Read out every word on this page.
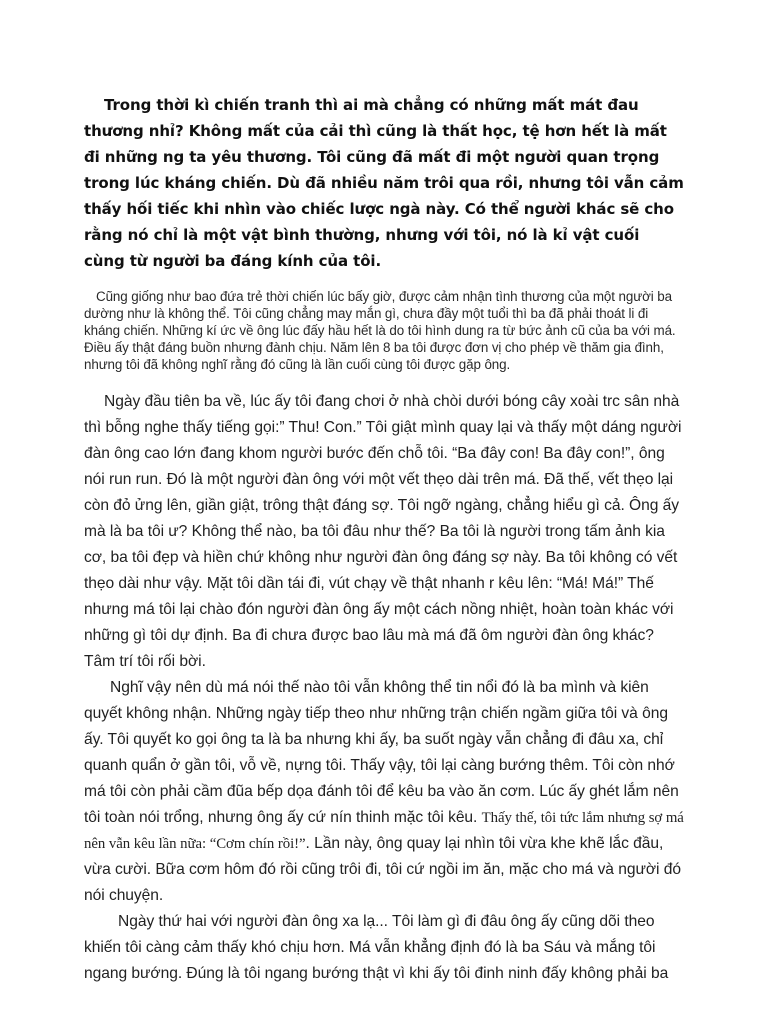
Trong thời kì chiến tranh thì ai mà chẳng có những mất mát đau thương nhỉ? Không mất của cải thì cũng là thất học, tệ hơn hết là mất đi những ng ta yêu thương. Tôi cũng đã mất đi một người quan trọng trong lúc kháng chiến. Dù đã nhiều năm trôi qua rồi, nhưng tôi vẫn cảm thấy hối tiếc khi nhìn vào chiếc lược ngà này. Có thể người khác sẽ cho rằng nó chỉ là một vật bình thường, nhưng với tôi, nó là kỉ vật cuối cùng từ người ba đáng kính của tôi.

Cũng giống như bao đứa trẻ thời chiến lúc bấy giờ, được cảm nhận tình thương của một người ba dường như là không thể. Tôi cũng chẳng may mắn gì, chưa đầy một tuổi thì ba đã phải thoát li đi kháng chiến. Những kí ức về ông lúc đấy hầu hết là do tôi hình dung ra từ bức ảnh cũ của ba với má. Điều ấy thật đáng buồn nhưng đành chịu. Năm lên 8 ba tôi được đơn vị cho phép về thăm gia đình, nhưng tôi đã không nghĩ rằng đó cũng là lần cuối cùng tôi được gặp ông.

Ngày đầu tiên ba về, lúc ấy tôi đang chơi ở nhà chòi dưới bóng cây xoài trc sân nhà thì bỗng nghe thấy tiếng gọi:” Thu! Con.” Tôi giật mình quay lại và thấy một dáng người đàn ông cao lớn đang khom người bước đến chỗ tôi. “Ba đây con! Ba đây con!”, ông nói run run. Đó là một người đàn ông với một vết thẹo dài trên má. Đã thế, vết thẹo lại còn đỏ ửng lên, giần giật, trông thật đáng sợ. Tôi ngỡ ngàng, chẳng hiểu gì cả. Ông ấy mà là ba tôi ư? Không thể nào, ba tôi đâu như thế? Ba tôi là người trong tấm ảnh kia cơ, ba tôi đẹp và hiền chứ không như người đàn ông đáng sợ này. Ba tôi không có vết thẹo dài như vậy. Mặt tôi dần tái đi, vút chạy về thật nhanh r kêu lên: “Má! Má!” Thế nhưng má tôi lại chào đón người đàn ông ấy một cách nồng nhiệt, hoàn toàn khác với những gì tôi dự định. Ba đi chưa được bao lâu mà má đã ôm người đàn ông khác? Tâm trí tôi rối bời.

Nghĩ vậy nên dù má nói thế nào tôi vẫn không thể tin nổi đó là ba mình và kiên quyết không nhận. Những ngày tiếp theo như những trận chiến ngầm giữa tôi và ông ấy. Tôi quyết ko gọi ông ta là ba nhưng khi ấy, ba suốt ngày vẫn chẳng đi đâu xa, chỉ quanh quẩn ở gần tôi, vỗ về, nựng tôi. Thấy vậy, tôi lại càng bướng thêm. Tôi còn nhớ má tôi còn phải cầm đũa bếp dọa đánh tôi để kêu ba vào ăn cơm. Lúc ấy ghét lắm nên tôi toàn nói trổng, nhưng ông ấy cứ nín thinh mặc tôi kêu. Thấy thế, tôi tức lắm nhưng sợ má nên vẫn kêu lần nữa: “Cơm chín rồi!”. Lần này, ông quay lại nhìn tôi vừa khe khẽ lắc đầu, vừa cười. Bữa cơm hôm đó rồi cũng trôi đi, tôi cứ ngồi im ăn, mặc cho má và người đó nói chuyện.

Ngày thứ hai với người đàn ông xa lạ... Tôi làm gì đi đâu ông ấy cũng dõi theo khiến tôi càng cảm thấy khó chịu hơn. Má vẫn khẳng định đó là ba Sáu và mắng tôi ngang bướng. Đúng là tôi ngang bướng thật vì khi ấy tôi đinh ninh đấy không phải ba
